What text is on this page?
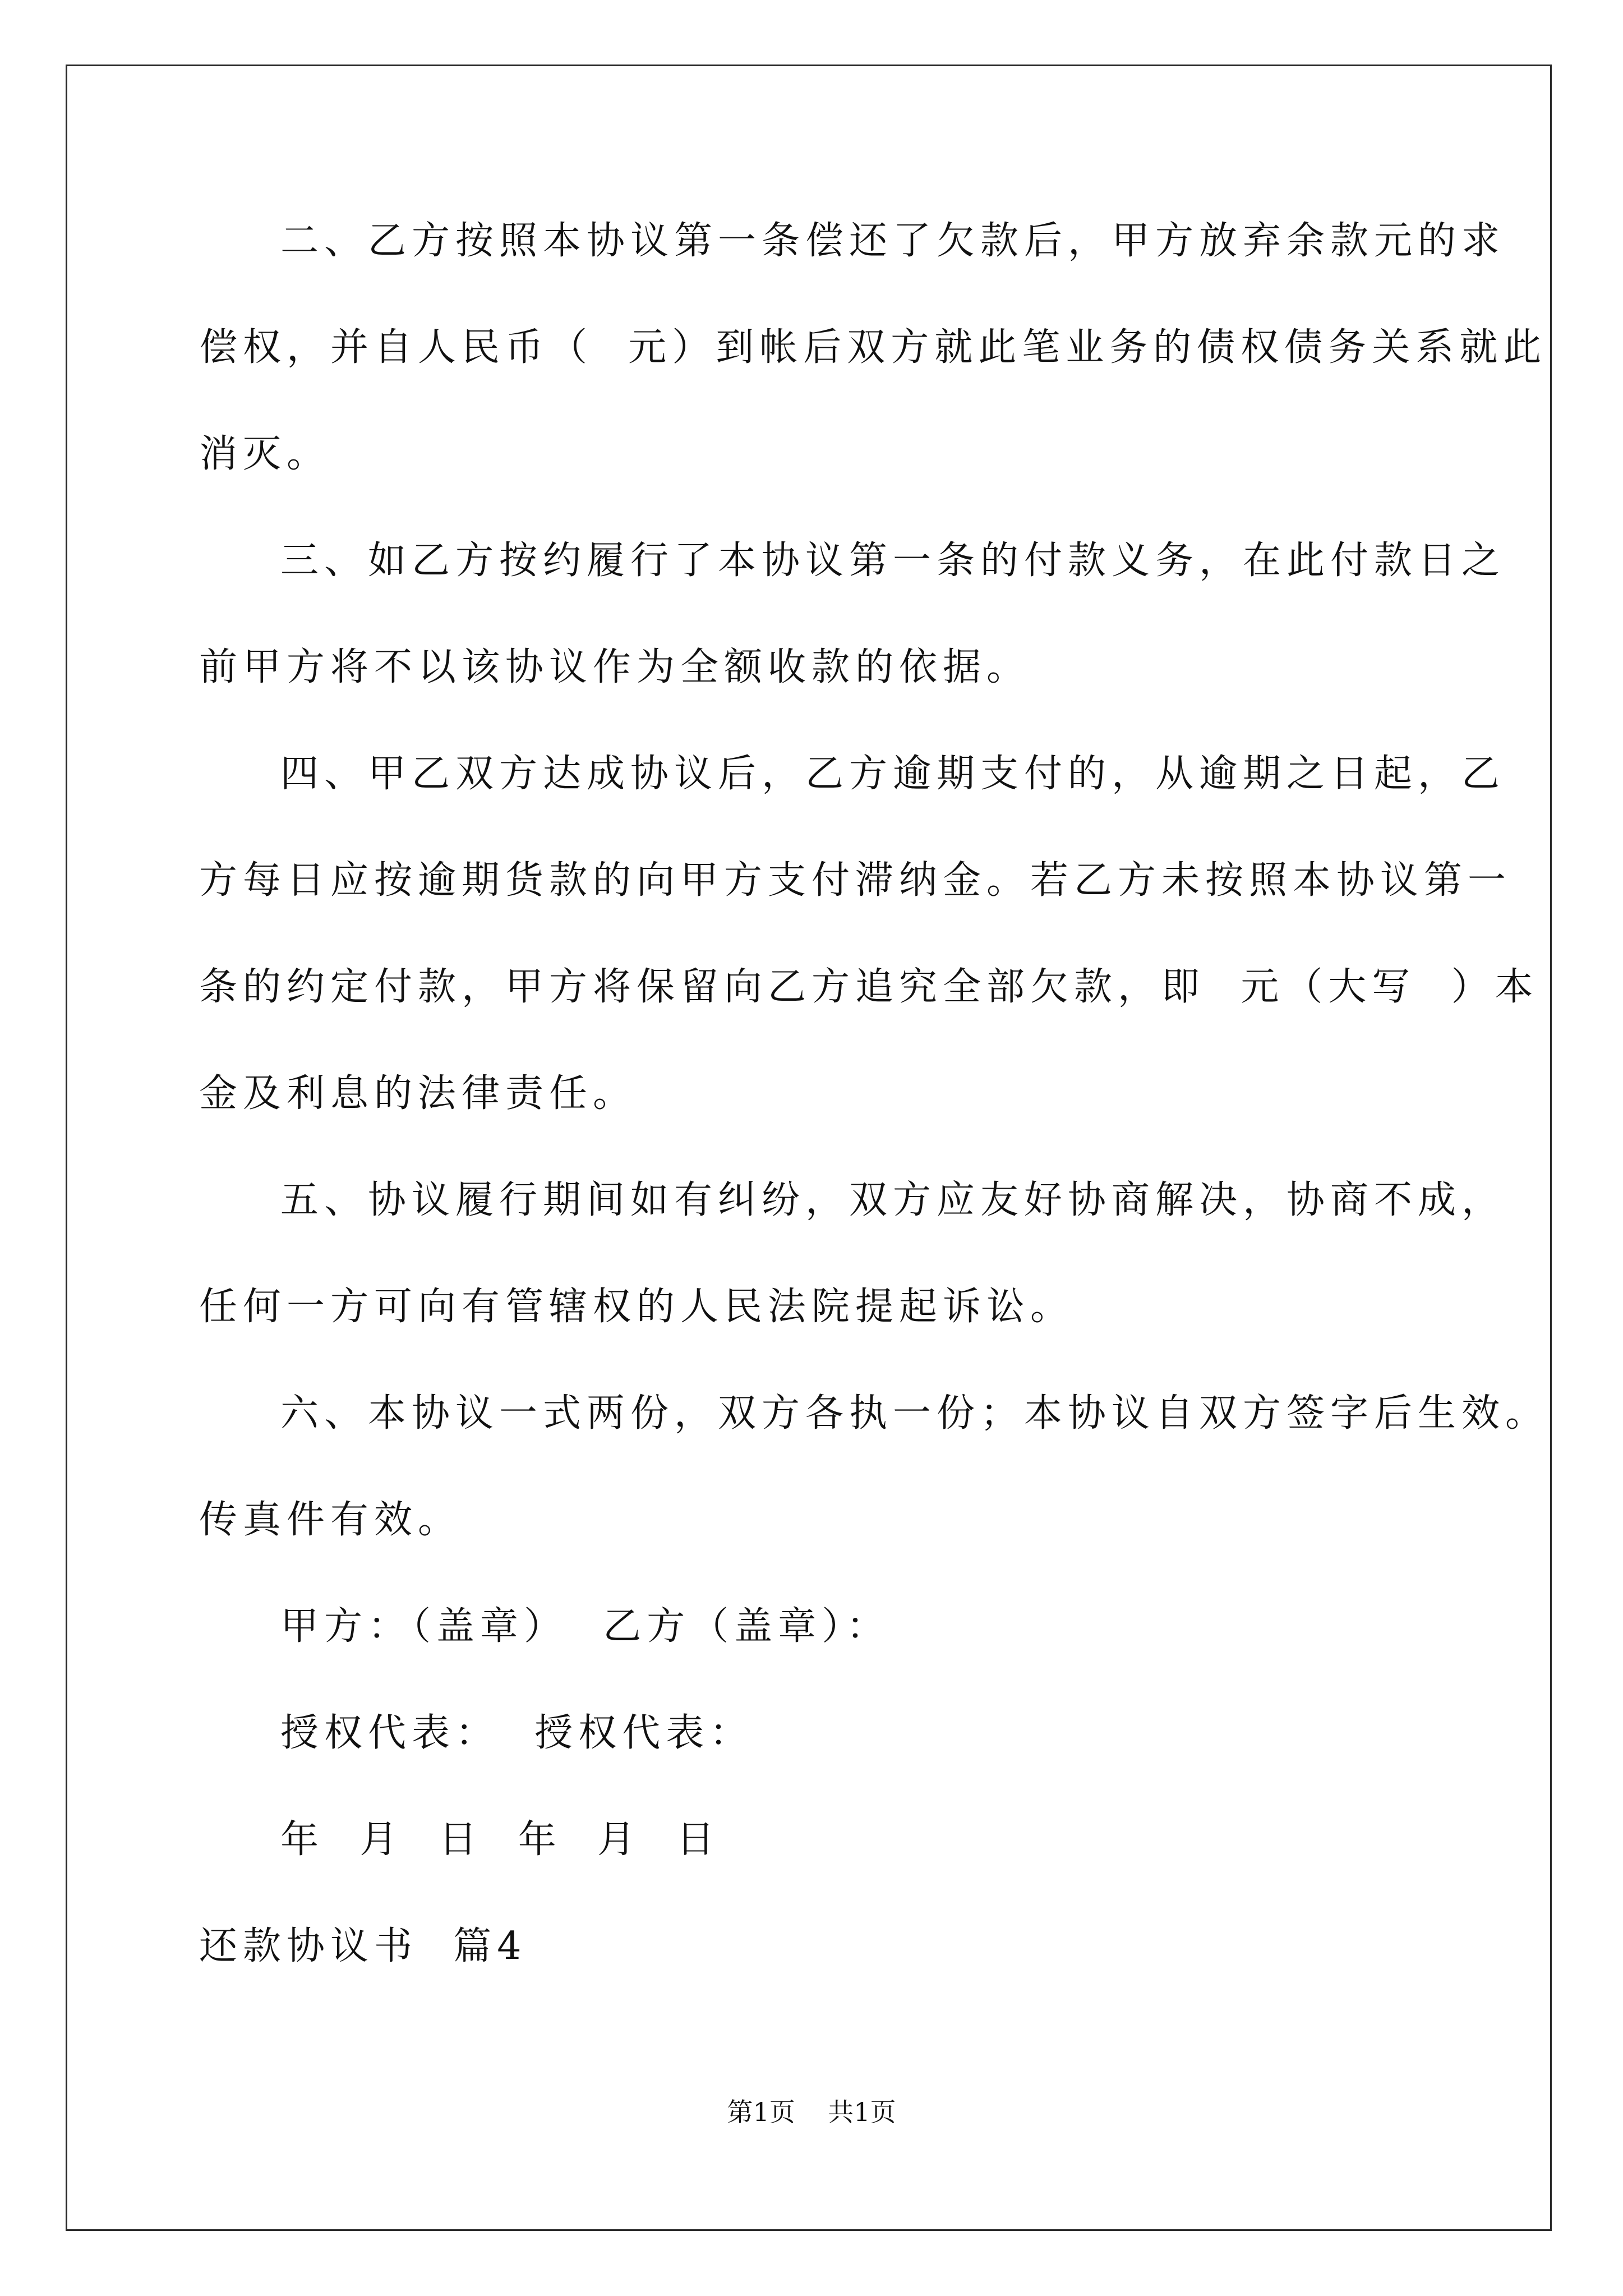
二、乙方按照本协议第一条偿还了欠款后，甲方放弃余款元的求
偿权，并自人民币（  元）到帐后双方就此笔业务的债权债务关系就此
消灭。
三、如乙方按约履行了本协议第一条的付款义务，在此付款日之
前甲方将不以该协议作为全额收款的依据。
四、甲乙双方达成协议后，乙方逾期支付的，从逾期之日起，乙
方每日应按逾期货款的向甲方支付滞纳金。若乙方未按照本协议第一
条的约定付款，甲方将保留向乙方追究全部欠款，即  元（大写  ）本
金及利息的法律责任。
五、协议履行期间如有纠纷，双方应友好协商解决，协商不成，
任何一方可向有管辖权的人民法院提起诉讼。
六、本协议一式两份，双方各执一份；本协议自双方签字后生效。
传真件有效。
甲方：（盖章）  乙方（盖章）：
授权代表：  授权代表：
年  月  日  年  月  日
还款协议书  篇4
第1页    共1页
